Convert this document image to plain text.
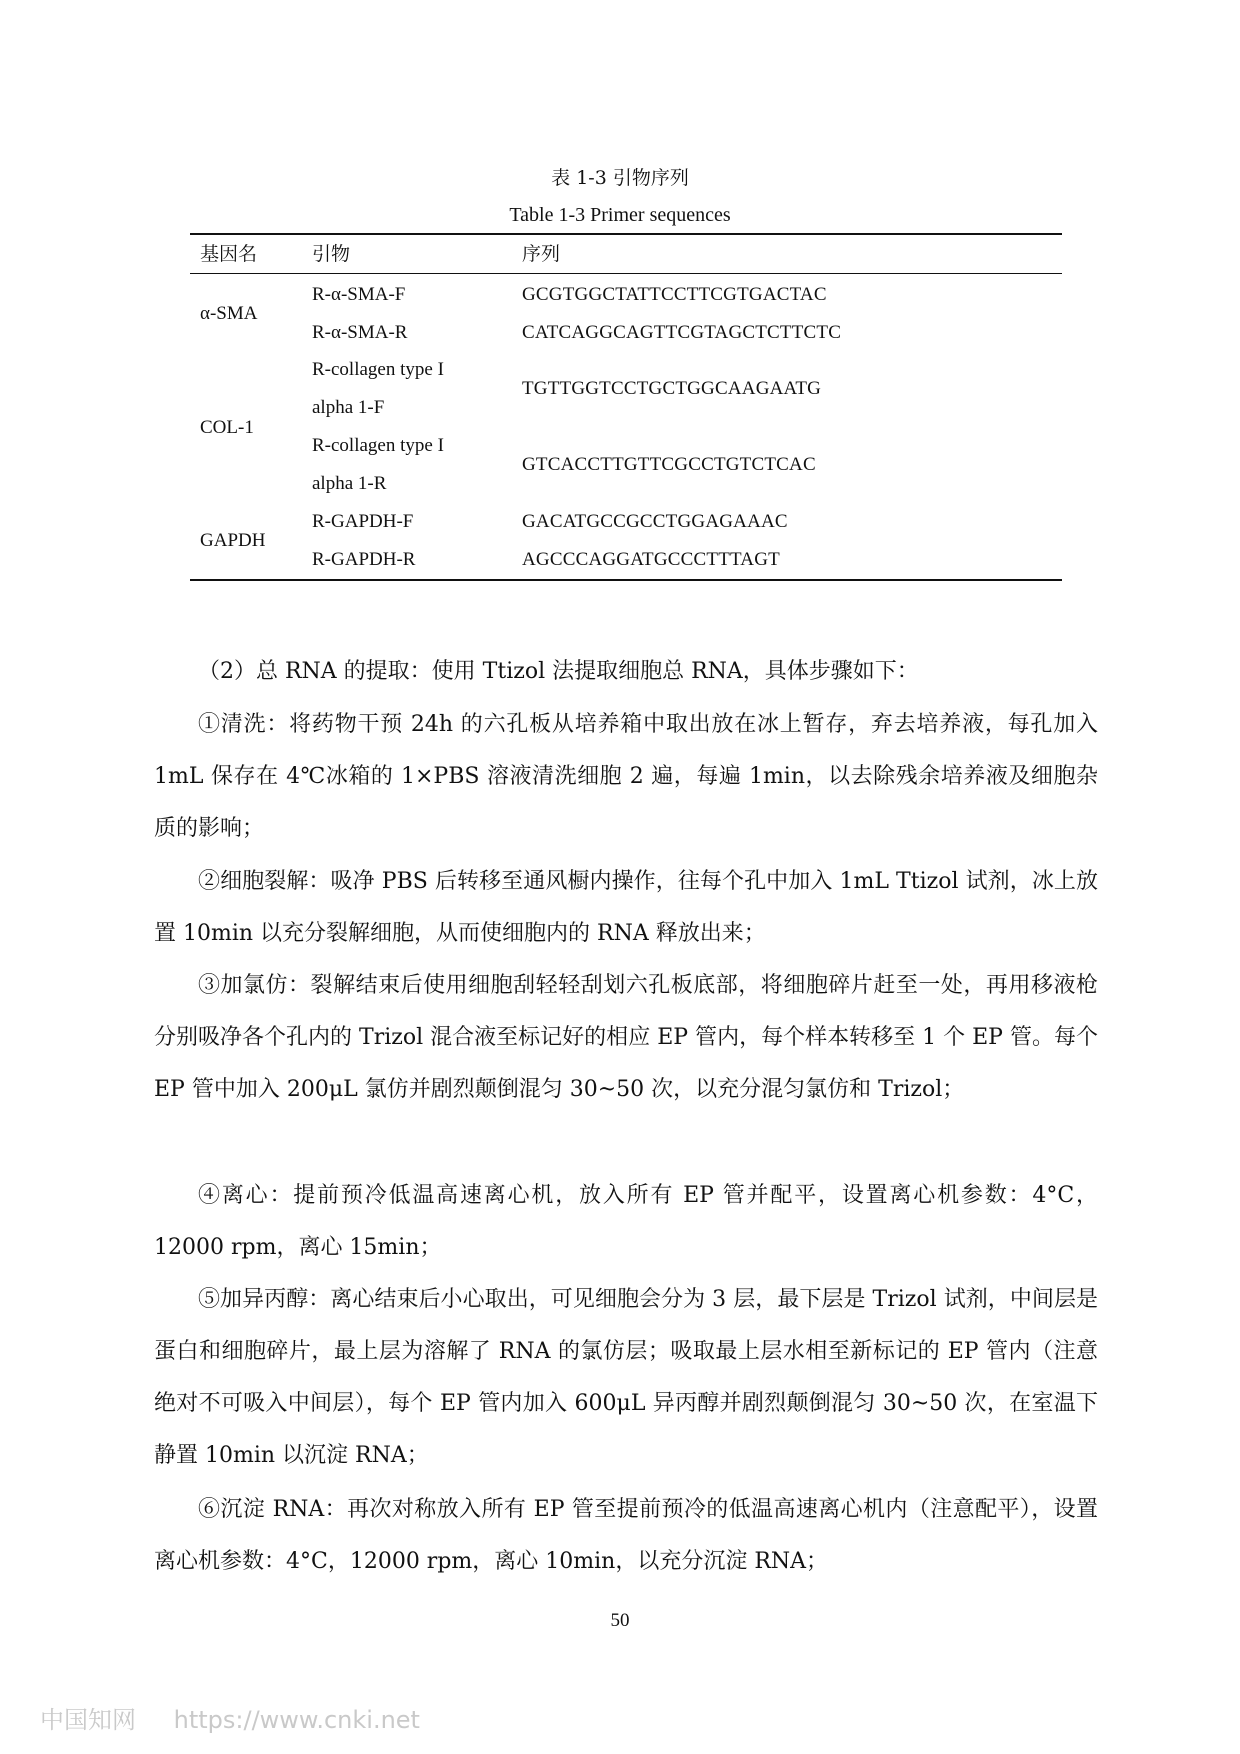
表 1-3 引物序列
Table 1-3 Primer sequences
基因名	引物	序列
α-SMA
R-α-SMA-F
R-α-SMA-R
GCGTGGCTATTCCTTCGTGACTAC
CATCAGGCAGTTCGTAGCTCTTCTC
COL-1
R-collagen type I
alpha 1-F
TGTTGGTCCTGCTGGCAAGAATG
R-collagen type I
alpha 1-R
GTCACCTTGTTCGCCTGTCTCAC
GAPDH
R-GAPDH-F
R-GAPDH-R
GACATGCCGCCTGGAGAAAC
AGCCCAGGATGCCCTTTAGT

（2）总 RNA 的提取：使用 Ttizol 法提取细胞总 RNA，具体步骤如下：

①清洗：将药物干预 24h 的六孔板从培养箱中取出放在冰上暂存，弃去培养液，每孔加入 1mL 保存在 4℃冰箱的 1×PBS 溶液清洗细胞 2 遍，每遍 1min，以去除残余培养液及细胞杂质的影响；

②细胞裂解：吸净 PBS 后转移至通风橱内操作，往每个孔中加入 1mL Ttizol 试剂，冰上放置 10min 以充分裂解细胞，从而使细胞内的 RNA 释放出来；

③加氯仿：裂解结束后使用细胞刮轻轻刮划六孔板底部，将细胞碎片赶至一处，再用移液枪分别吸净各个孔内的 Trizol 混合液至标记好的相应 EP 管内，每个样本转移至 1 个 EP 管。每个 EP 管中加入 200μL 氯仿并剧烈颠倒混匀 30~50 次，以充分混匀氯仿和 Trizol；

④离心：提前预冷低温高速离心机，放入所有 EP 管并配平，设置离心机参数：4°C，12000 rpm，离心 15min；

⑤加异丙醇：离心结束后小心取出，可见细胞会分为 3 层，最下层是 Trizol 试剂，中间层是蛋白和细胞碎片，最上层为溶解了 RNA 的氯仿层；吸取最上层水相至新标记的 EP 管内（注意绝对不可吸入中间层），每个 EP 管内加入 600μL 异丙醇并剧烈颠倒混匀 30~50 次，在室温下静置 10min 以沉淀 RNA；

⑥沉淀 RNA：再次对称放入所有 EP 管至提前预冷的低温高速离心机内（注意配平），设置离心机参数：4°C，12000 rpm，离心 10min，以充分沉淀 RNA；

50
中国知网 https://www.cnki.net
